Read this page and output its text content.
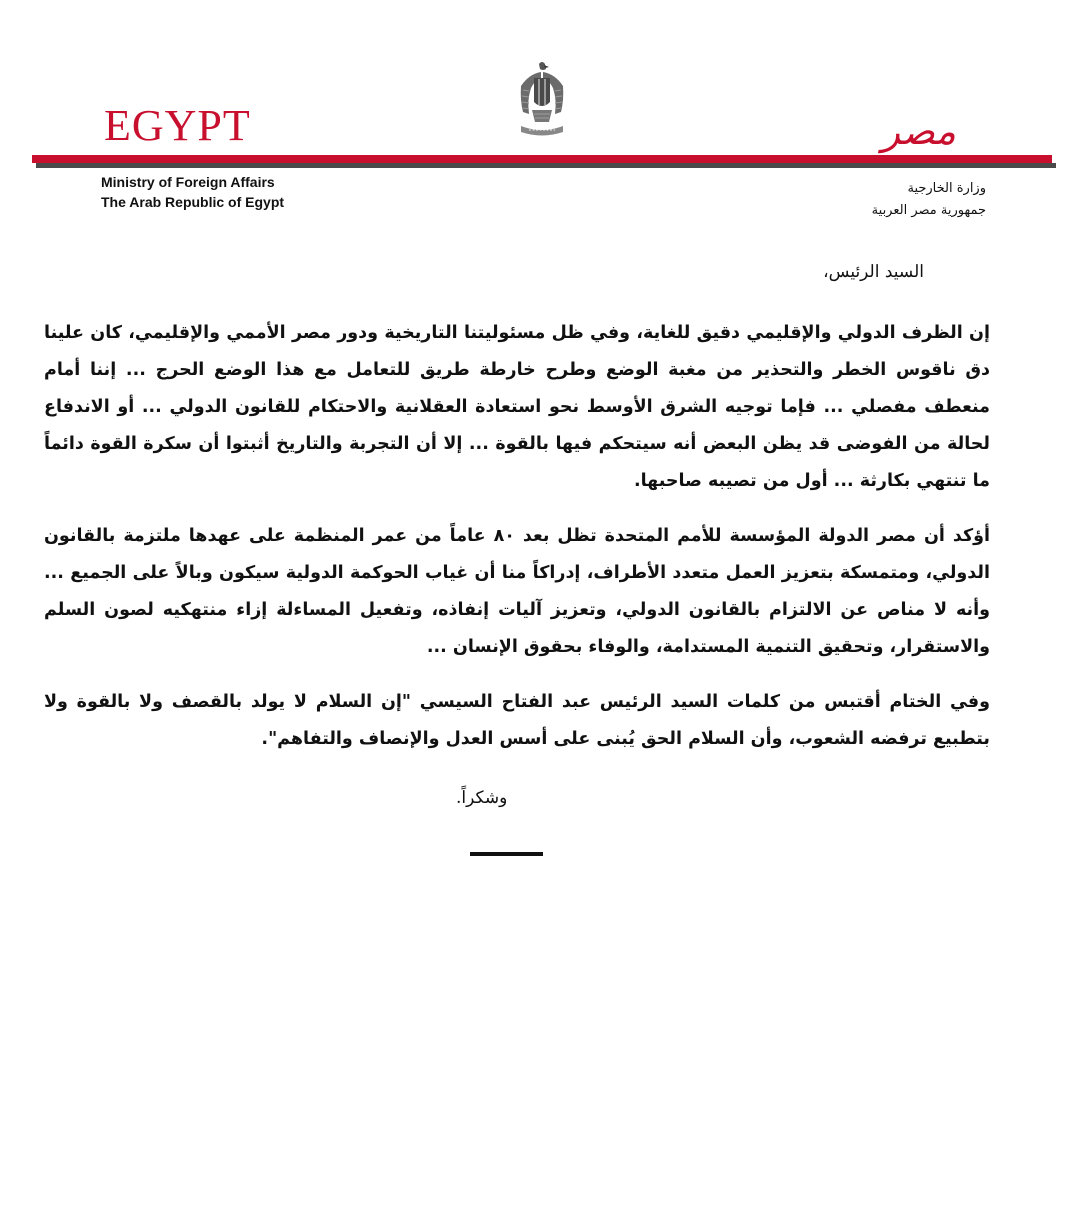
EGYPT	مصر
Ministry of Foreign Affairs
The Arab Republic of Egypt
وزارة الخارجية
جمهورية مصر العربية
السيد الرئيس،
إن الظرف الدولي والإقليمي دقيق للغاية، وفي ظل مسئوليتنا التاريخية ودور مصر الأممي والإقليمي، كان علينا دق ناقوس الخطر والتحذير من مغبة الوضع وطرح خارطة طريق للتعامل مع هذا الوضع الحرج ... إننا أمام منعطف مفصلي ... فإما توجيه الشرق الأوسط نحو استعادة العقلانية والاحتكام للقانون الدولي ... أو الاندفاع لحالة من الفوضى قد يظن البعض أنه سيتحكم فيها بالقوة ... إلا أن التجربة والتاريخ أثبتوا أن سكرة القوة دائماً ما تنتهي بكارثة ... أول من تصيبه صاحبها.
أؤكد أن مصر الدولة المؤسسة للأمم المتحدة تظل بعد ٨٠ عاماً من عمر المنظمة على عهدها ملتزمة بالقانون الدولي، ومتمسكة بتعزيز العمل متعدد الأطراف، إدراكاً منا أن غياب الحوكمة الدولية سيكون وبالاً على الجميع ... وأنه لا مناص عن الالتزام بالقانون الدولي، وتعزيز آليات إنفاذه، وتفعيل المساءلة إزاء منتهكيه لصون السلم والاستقرار، وتحقيق التنمية المستدامة، والوفاء بحقوق الإنسان ...
وفي الختام أقتبس من كلمات السيد الرئيس عبد الفتاح السيسي "إن السلام لا يولد بالقصف ولا بالقوة ولا بتطبيع ترفضه الشعوب، وأن السلام الحق يُبنى على أسس العدل والإنصاف والتفاهم".
وشكراً.
